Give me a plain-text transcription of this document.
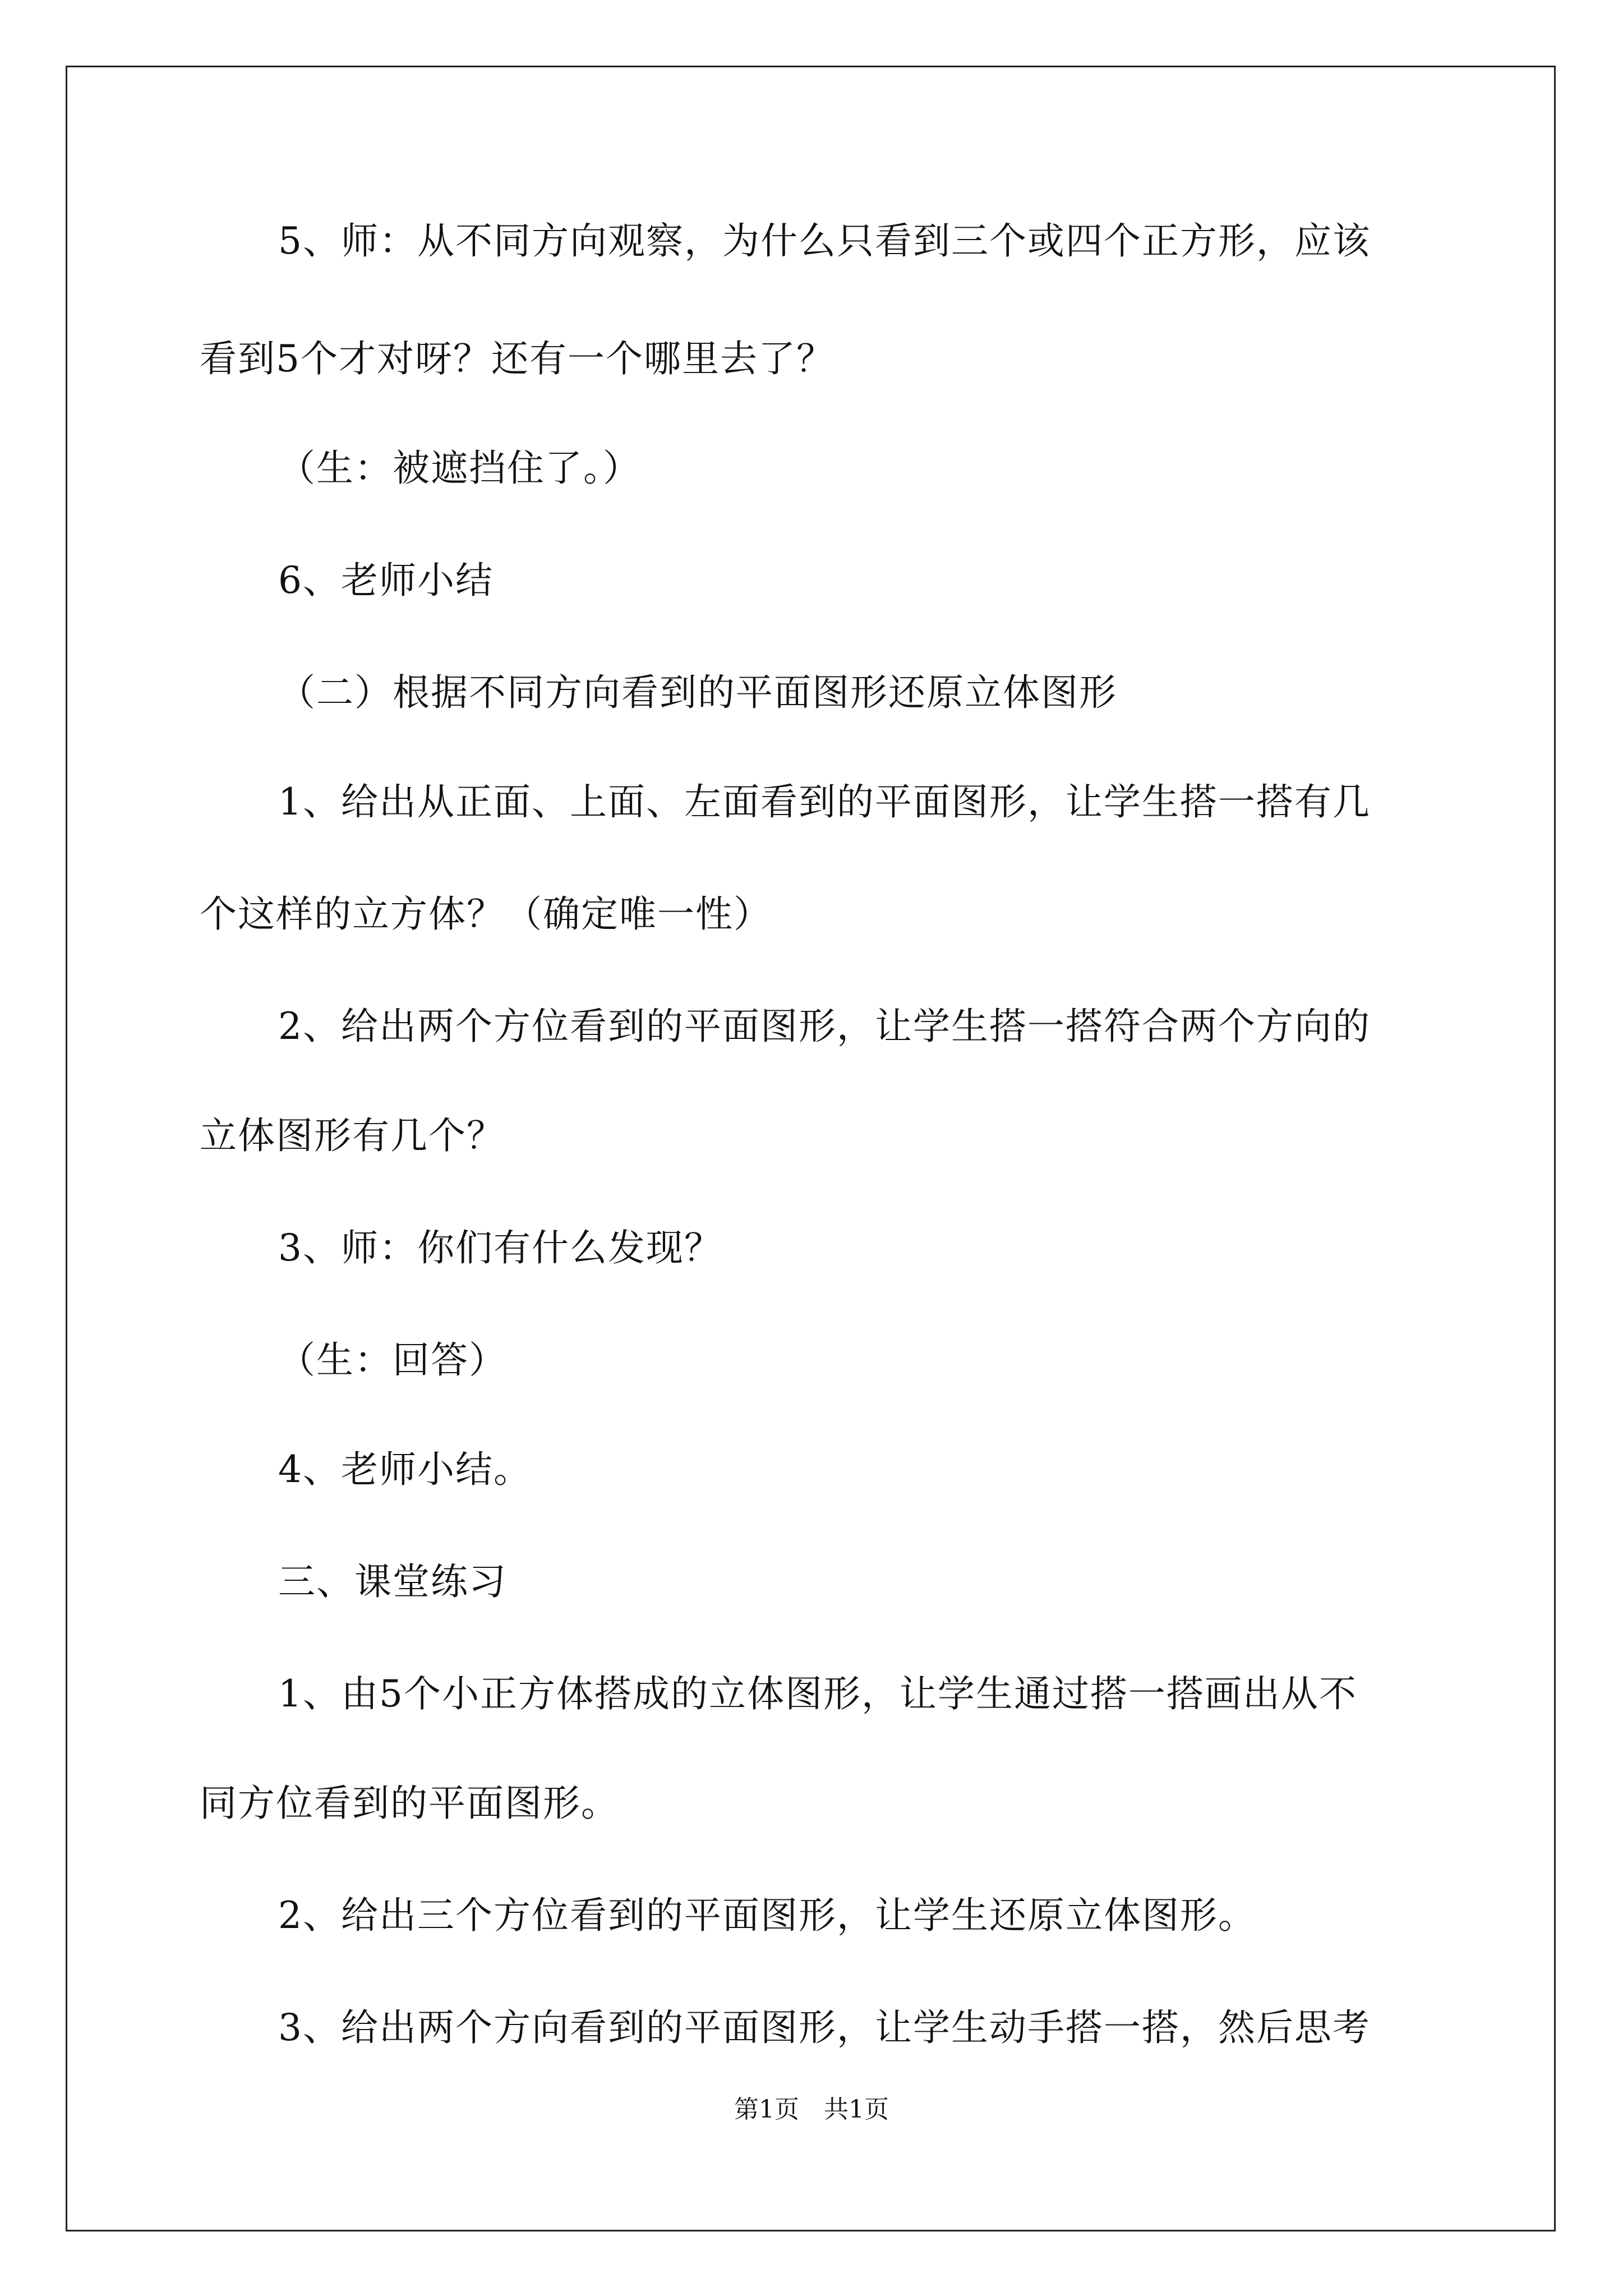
5、师：从不同方向观察，为什么只看到三个或四个正方形，应该
看到5个才对呀？还有一个哪里去了？
（生：被遮挡住了。）
6、老师小结
（二）根据不同方向看到的平面图形还原立体图形
1、给出从正面、上面、左面看到的平面图形，让学生搭一搭有几
个这样的立方体？（确定唯一性）
2、给出两个方位看到的平面图形，让学生搭一搭符合两个方向的
立体图形有几个？
3、师：你们有什么发现？
（生：回答）
4、老师小结。
三、课堂练习
1、由5个小正方体搭成的立体图形，让学生通过搭一搭画出从不
同方位看到的平面图形。
2、给出三个方位看到的平面图形，让学生还原立体图形。
3、给出两个方向看到的平面图形，让学生动手搭一搭，然后思考
第1页　共1页
